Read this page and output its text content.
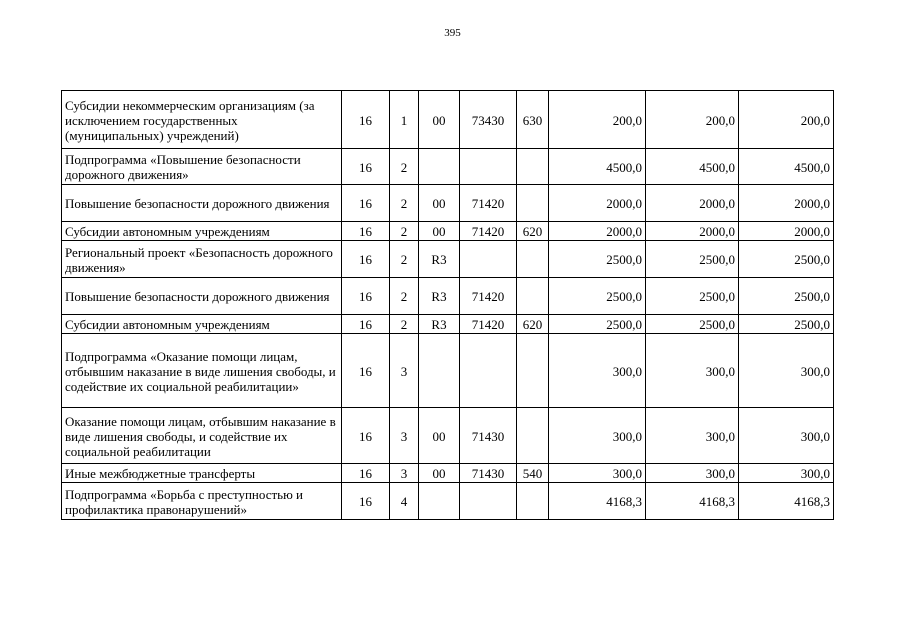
395
Субсидии некоммерческим организациям (за исключением государственных (муниципальных) учреждений)	16	1	00	73430	630	200,0	200,0	200,0
Подпрограмма «Повышение безопасности дорожного движения»	16	2				4500,0	4500,0	4500,0
Повышение безопасности дорожного движения	16	2	00	71420		2000,0	2000,0	2000,0
Субсидии автономным учреждениям	16	2	00	71420	620	2000,0	2000,0	2000,0
Региональный проект «Безопасность дорожного движения»	16	2	R3			2500,0	2500,0	2500,0
Повышение безопасности дорожного движения	16	2	R3	71420		2500,0	2500,0	2500,0
Субсидии автономным учреждениям	16	2	R3	71420	620	2500,0	2500,0	2500,0
Подпрограмма «Оказание помощи лицам, отбывшим наказание в виде лишения свободы, и содействие их социальной реабилитации»	16	3				300,0	300,0	300,0
Оказание помощи лицам, отбывшим наказание в виде лишения свободы, и содействие их социальной реабилитации	16	3	00	71430		300,0	300,0	300,0
Иные межбюджетные трансферты	16	3	00	71430	540	300,0	300,0	300,0
Подпрограмма «Борьба с преступностью и профилактика правонарушений»	16	4				4168,3	4168,3	4168,3
